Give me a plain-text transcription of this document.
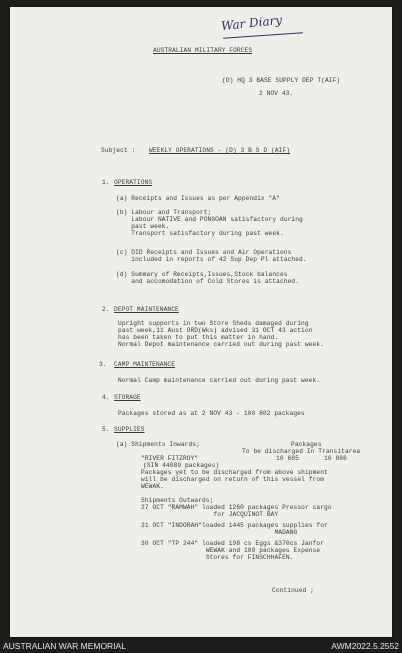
War Diary
AUSTRALIAN MILITARY FORCES
(D) HQ 3 BASE SUPPLY DEP T(AIF)
2 NOV 43.
Subject : WEEKLY OPERATIONS - (D) 3 B S D (AIF)
1. OPERATIONS
(a) Receipts and Issues as per Appendix "A"
(b) Labour and Transport;
Labour NATIVE and PONGOAN satisfactory during
past week.
Transport satisfactory during past week.
(c) DID Receipts and Issues and Air Operations
included in reports of 42 Sup Dep Pl attached.
(d) Summary of Receipts,Issues,Stock balances
and accomodation of Cold Stores is attached.
2. DEPOT MAINTENANCE
Upright supports in two Store Sheds damaged during
past week,11 Aust ORD(Wks) advised 31 OCT 43 action
has been taken to put this matter in hand.
Normal Depot maintenance carried out during past week.
3. CAMP MAINTENANCE
Normal Camp maintenance carried out during past week.
4. STORAGE
Packages stored as at 2 NOV 43 - 100 802 packages
5. SUPPLIES
(a) Shipments Inwards;	Packages
To be discharged In Transitarea
"RIVER FITZROY"	10 685	16 886
(SIN 44089 packages)
Packages yet to be discharged from above shipment
will be discharged on return of this vessel from
WEWAK.
Shipments Outwards;
27 OCT "RAMWAH" loaded 1260 packages Pressor cargo
for JACQUINOT BAY
31 OCT "INDORAH"loaded 1445 packages supplies for
MADANG
30 OCT "TP 244" loaded 198 cs Eggs &370cs Janfor
WEWAK and 189 packages Expense
Stores for FINSCHHAFEN.
Continued ;
AUSTRALIAN WAR MEMORIAL	AWM2022.5.2552
